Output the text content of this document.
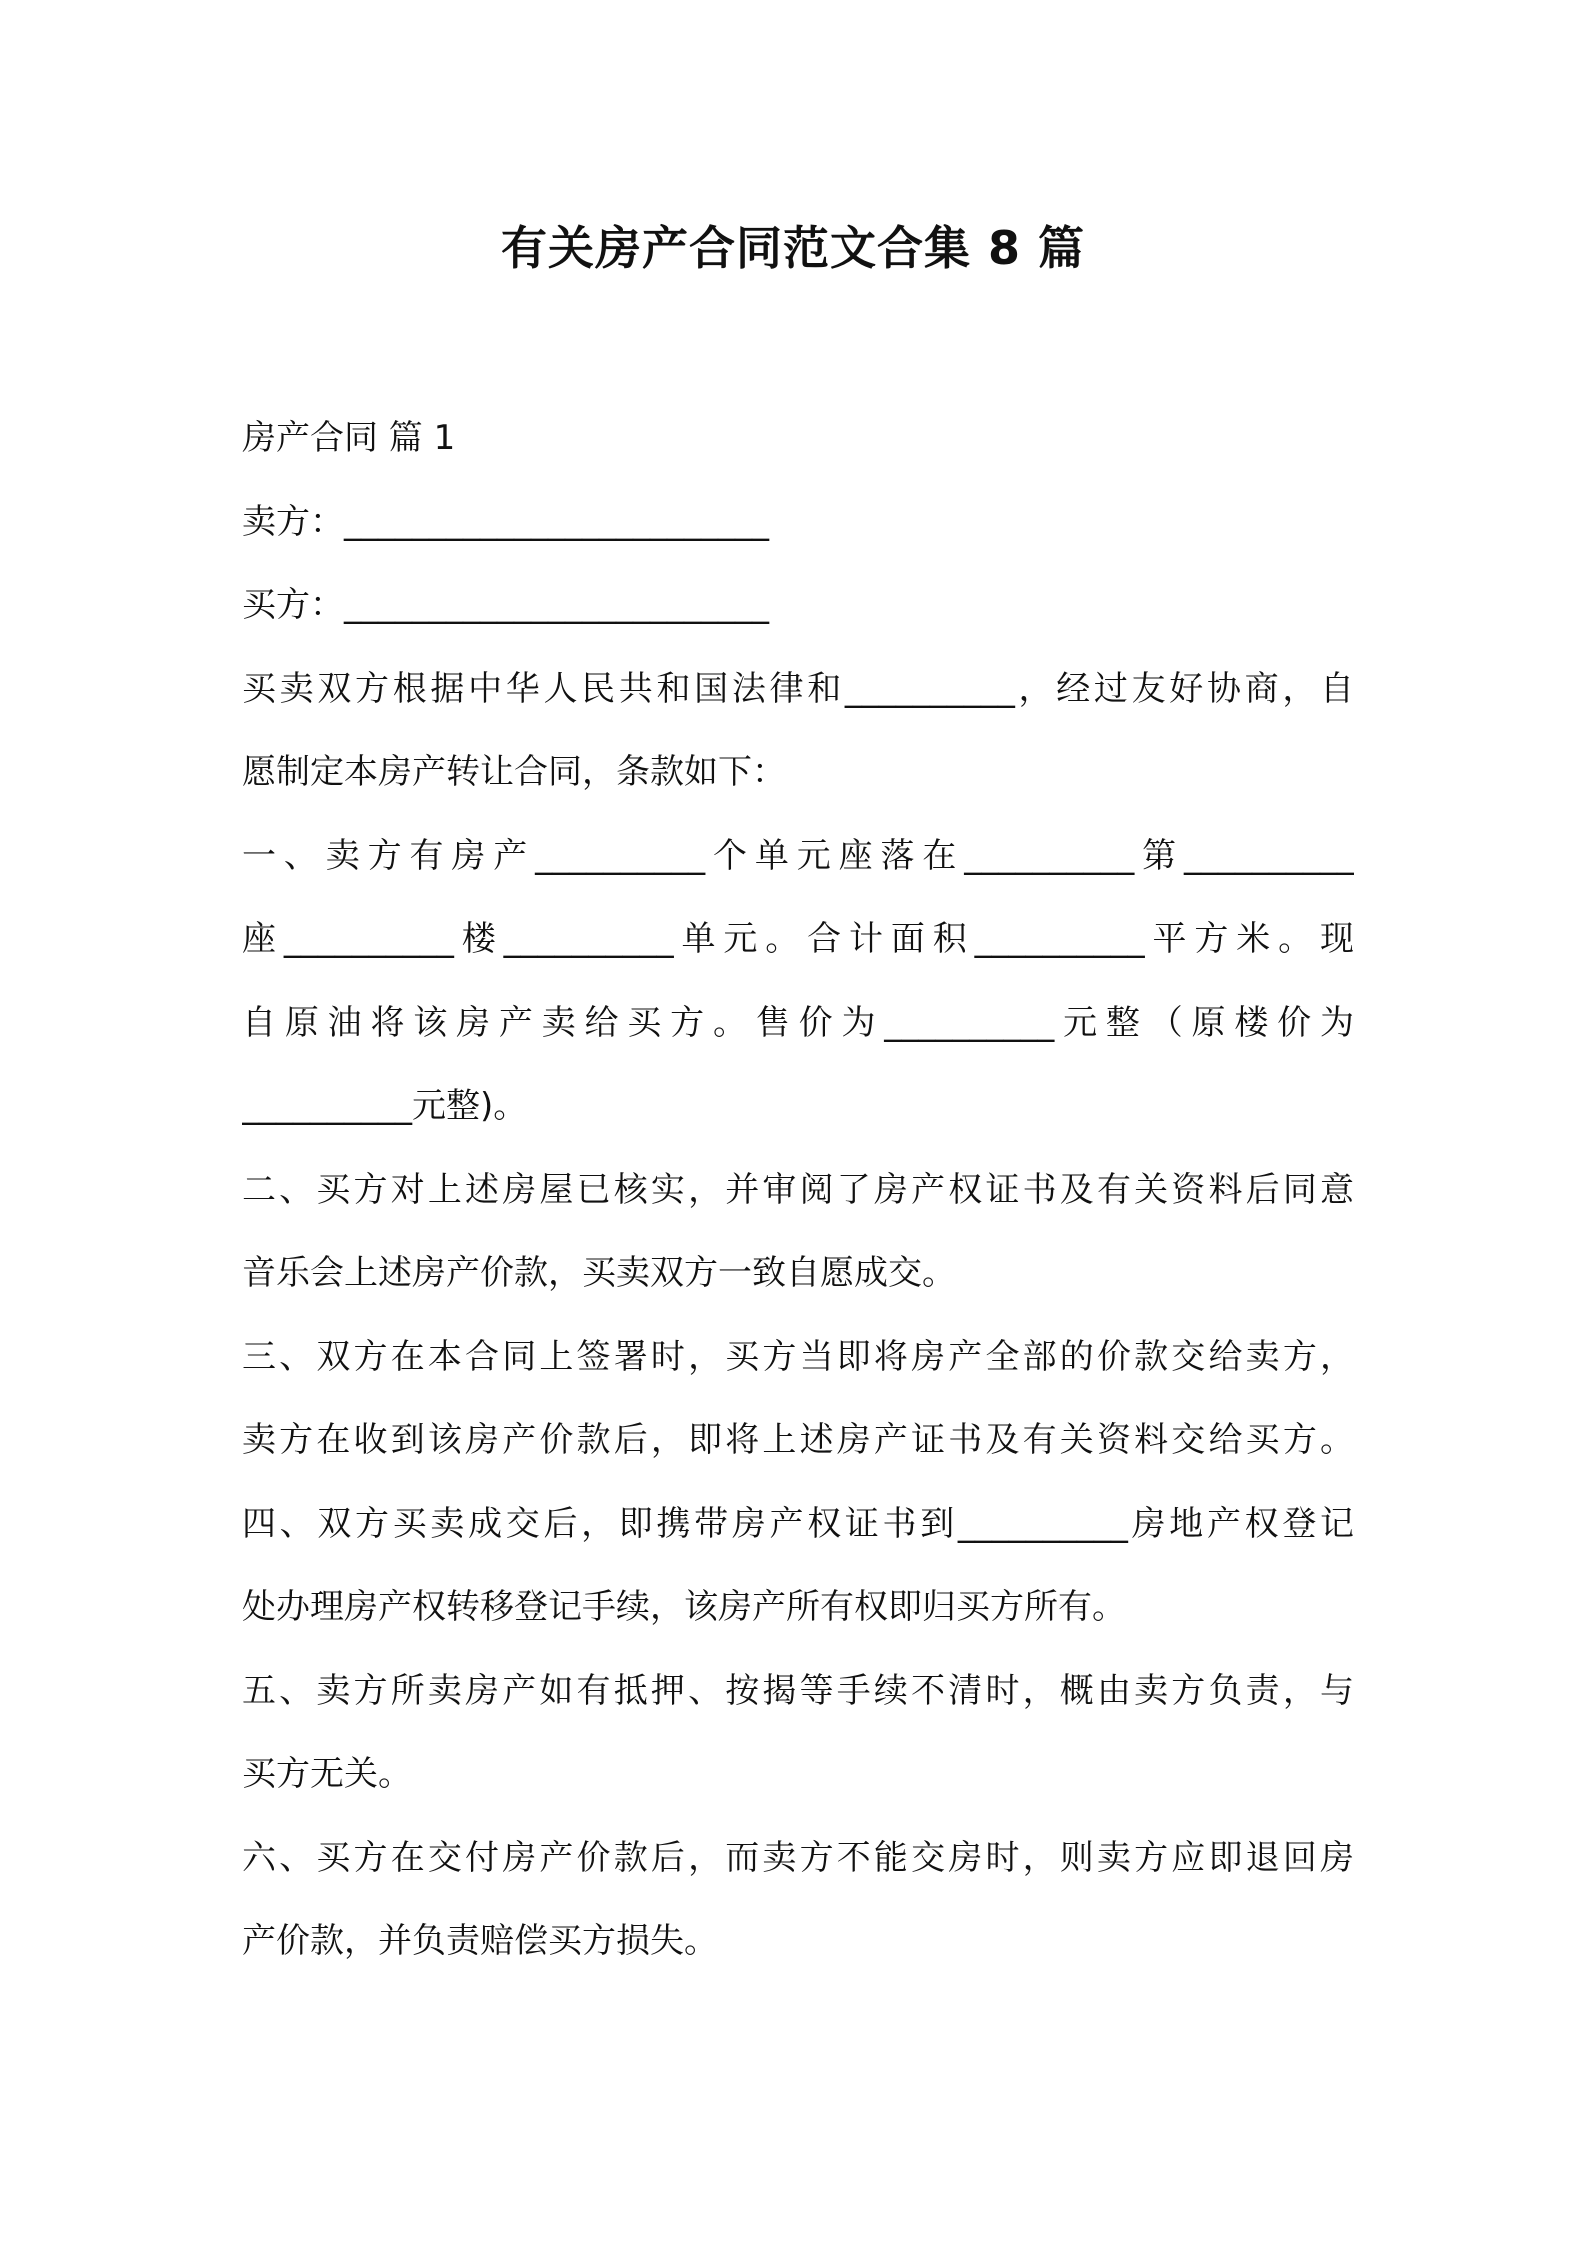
有关房产合同范文合集 8 篇
房产合同 篇 1
卖方：_________________________
买方：_________________________
买卖双方根据中华人民共和国法律和__________，经过友好协商，自
愿制定本房产转让合同，条款如下：
一、卖方有房产__________个单元座落在__________第__________
座__________楼__________单元。合计面积__________平方米。现
自原油将该房产卖给买方。售价为__________元整（原楼价为
__________元整)。
二、买方对上述房屋已核实，并审阅了房产权证书及有关资料后同意
音乐会上述房产价款，买卖双方一致自愿成交。
三、双方在本合同上签署时，买方当即将房产全部的价款交给卖方，
卖方在收到该房产价款后，即将上述房产证书及有关资料交给买方。
四、双方买卖成交后，即携带房产权证书到__________房地产权登记
处办理房产权转移登记手续，该房产所有权即归买方所有。
五、卖方所卖房产如有抵押、按揭等手续不清时，概由卖方负责，与
买方无关。
六、买方在交付房产价款后，而卖方不能交房时，则卖方应即退回房
产价款，并负责赔偿买方损失。
